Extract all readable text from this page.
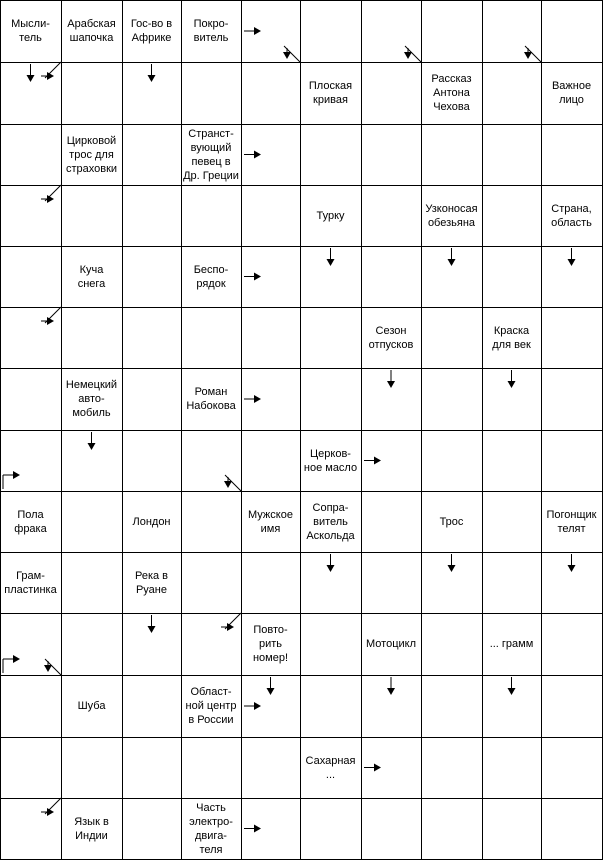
Мысли-
тель
Арабская
шапочка
Гос-во в
Африке
Покро-
витель
Плоская
кривая
Рассказ
Антона
Чехова
Важное
лицо
Цирковой
трос для
страховки
Странст-
вующий
певец в
Др. Греции
Турку
Узконосая
обезьяна
Страна,
область
Куча
снега
Беспо-
рядок
Сезон
отпусков
Краска
для век
Немецкий
авто-
мобиль
Роман
Набокова
Церков-
ное масло
Пола
фрака
Лондон
Мужское
имя
Сопра-
витель
Аскольда
Трос
Погонщик
телят
Грам-
пластинка
Река в
Руане
Повто-
рить
номер!
Мотоцикл	... грамм
Шуба
Област-
ной центр
в России
Сахарная
...
Язык в
Индии
Часть
электро-
двига-
теля
